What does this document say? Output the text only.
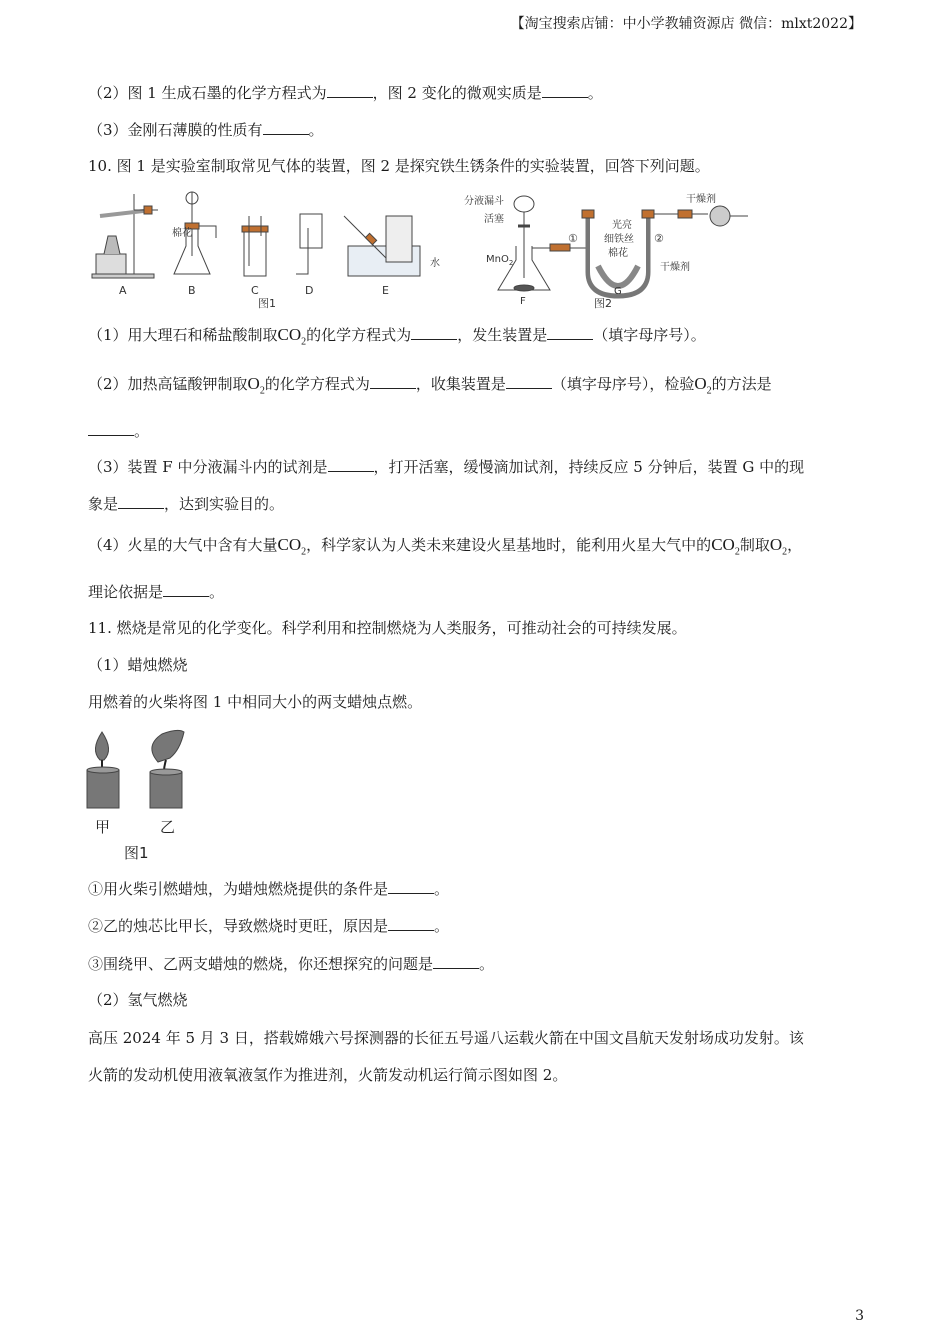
【淘宝搜索店铺：中小学教辅资源店 微信：mlxt2022】
（2）图 1 生成石墨的化学方程式为	，图 2 变化的微观实质是	。
（3）金刚石薄膜的性质有	。
10. 图 1 是实验室制取常见气体的装置，图 2 是探究铁生锈条件的实验装置，回答下列问题。
棉花
水
A	B	C	D	E
图1
分液漏斗
活塞
MnO$_2$
F
光亮
细铁丝
棉花
①	②
干燥剂
干燥剂
G
图2
（1）用大理石和稀盐酸制取$CO_2$的化学方程式为	，发生装置是	（填字母序号）。
（2）加热高锰酸钾制取$O_2$的化学方程式为	，收集装置是	（填字母序号），检验$O_2$的方法是
。
（3）装置 F 中分液漏斗内的试剂是	，打开活塞，缓慢滴加试剂，持续反应 5 分钟后，装置 G 中的现
象是	，达到实验目的。
（4）火星的大气中含有大量$CO_2$，科学家认为人类未来建设火星基地时，能利用火星大气中的$CO_2$制取$O_2$，
理论依据是	。
11. 燃烧是常见的化学变化。科学利用和控制燃烧为人类服务，可推动社会的可持续发展。
（1）蜡烛燃烧
用燃着的火柴将图 1 中相同大小的两支蜡烛点燃。
甲	乙
图1
①用火柴引燃蜡烛，为蜡烛燃烧提供的条件是	。
②乙的烛芯比甲长，导致燃烧时更旺，原因是	。
③围绕甲、乙两支蜡烛的燃烧，你还想探究的问题是	。
（2）氢气燃烧
高压 2024 年 5 月 3 日，搭载嫦娥六号探测器的长征五号遥八运载火箭在中国文昌航天发射场成功发射。该
火箭的发动机使用液氧液氢作为推进剂，火箭发动机运行简示图如图 2。
3
